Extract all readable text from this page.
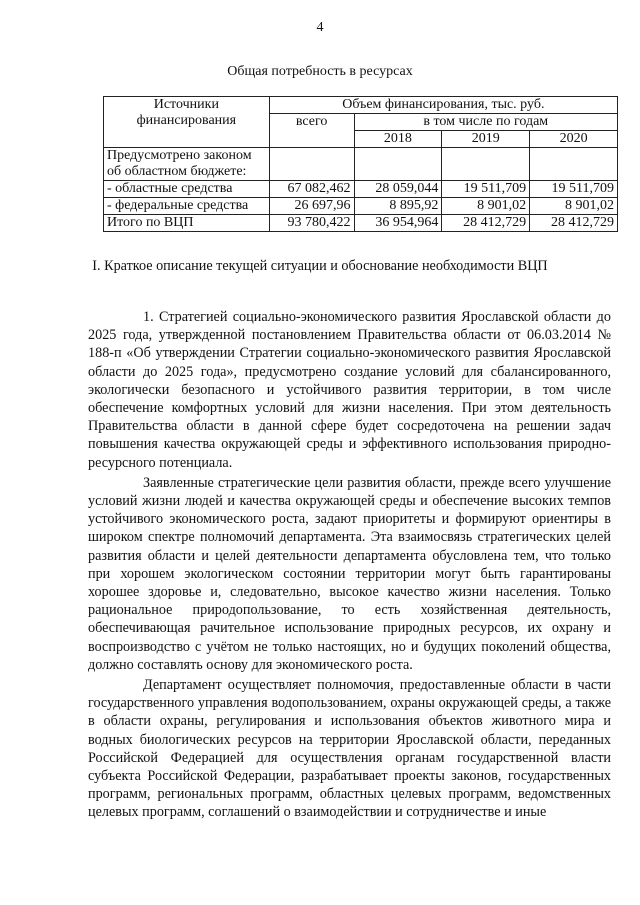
4
Общая потребность в ресурсах
Источники финансирования	Объем финансирования, тыс. руб.			
	всего	в том числе по годам		
		2018	2019	2020
Предусмотрено законом об областном бюджете:				
- областные средства	67 082,462	28 059,044	19 511,709	19 511,709
- федеральные средства	26 697,96	8 895,92	8 901,02	8 901,02
Итого по ВЦП	93 780,422	36 954,964	28 412,729	28 412,729
I. Краткое описание текущей ситуации и обоснование необходимости ВЦП

1. Стратегией социально-экономического развития Ярославской области до 2025 года, утвержденной постановлением Правительства области от 06.03.2014 № 188-п «Об утверждении Стратегии социально-экономического развития Ярославской области до 2025 года», предусмотрено создание условий для сбалансированного, экологически безопасного и устойчивого развития территории, в том числе обеспечение комфортных условий для жизни населения. При этом деятельность Правительства области в данной сфере будет сосредоточена на решении задач повышения качества окружающей среды и эффективного использования природно-ресурсного потенциала.

Заявленные стратегические цели развития области, прежде всего улучшение условий жизни людей и качества окружающей среды и обеспечение высоких темпов устойчивого экономического роста, задают приоритеты и формируют ориентиры в широком спектре полномочий департамента. Эта взаимосвязь стратегических целей развития области и целей деятельности департамента обусловлена тем, что только при хорошем экологическом состоянии территории могут быть гарантированы хорошее здоровье и, следовательно, высокое качество жизни населения. Только рациональное природопользование, то есть хозяйственная деятельность, обеспечивающая рачительное использование природных ресурсов, их охрану и воспроизводство с учётом не только настоящих, но и будущих поколений общества, должно составлять основу для экономического роста.

Департамент осуществляет полномочия, предоставленные области в части государственного управления водопользованием, охраны окружающей среды, а также в области охраны, регулирования и использования объектов животного мира и водных биологических ресурсов на территории Ярославской области, переданных Российской Федерацией для осуществления органам государственной власти субъекта Российской Федерации, разрабатывает проекты законов, государственных программ, региональных программ, областных целевых программ, ведомственных целевых программ, соглашений о взаимодействии и сотрудничестве и иные
